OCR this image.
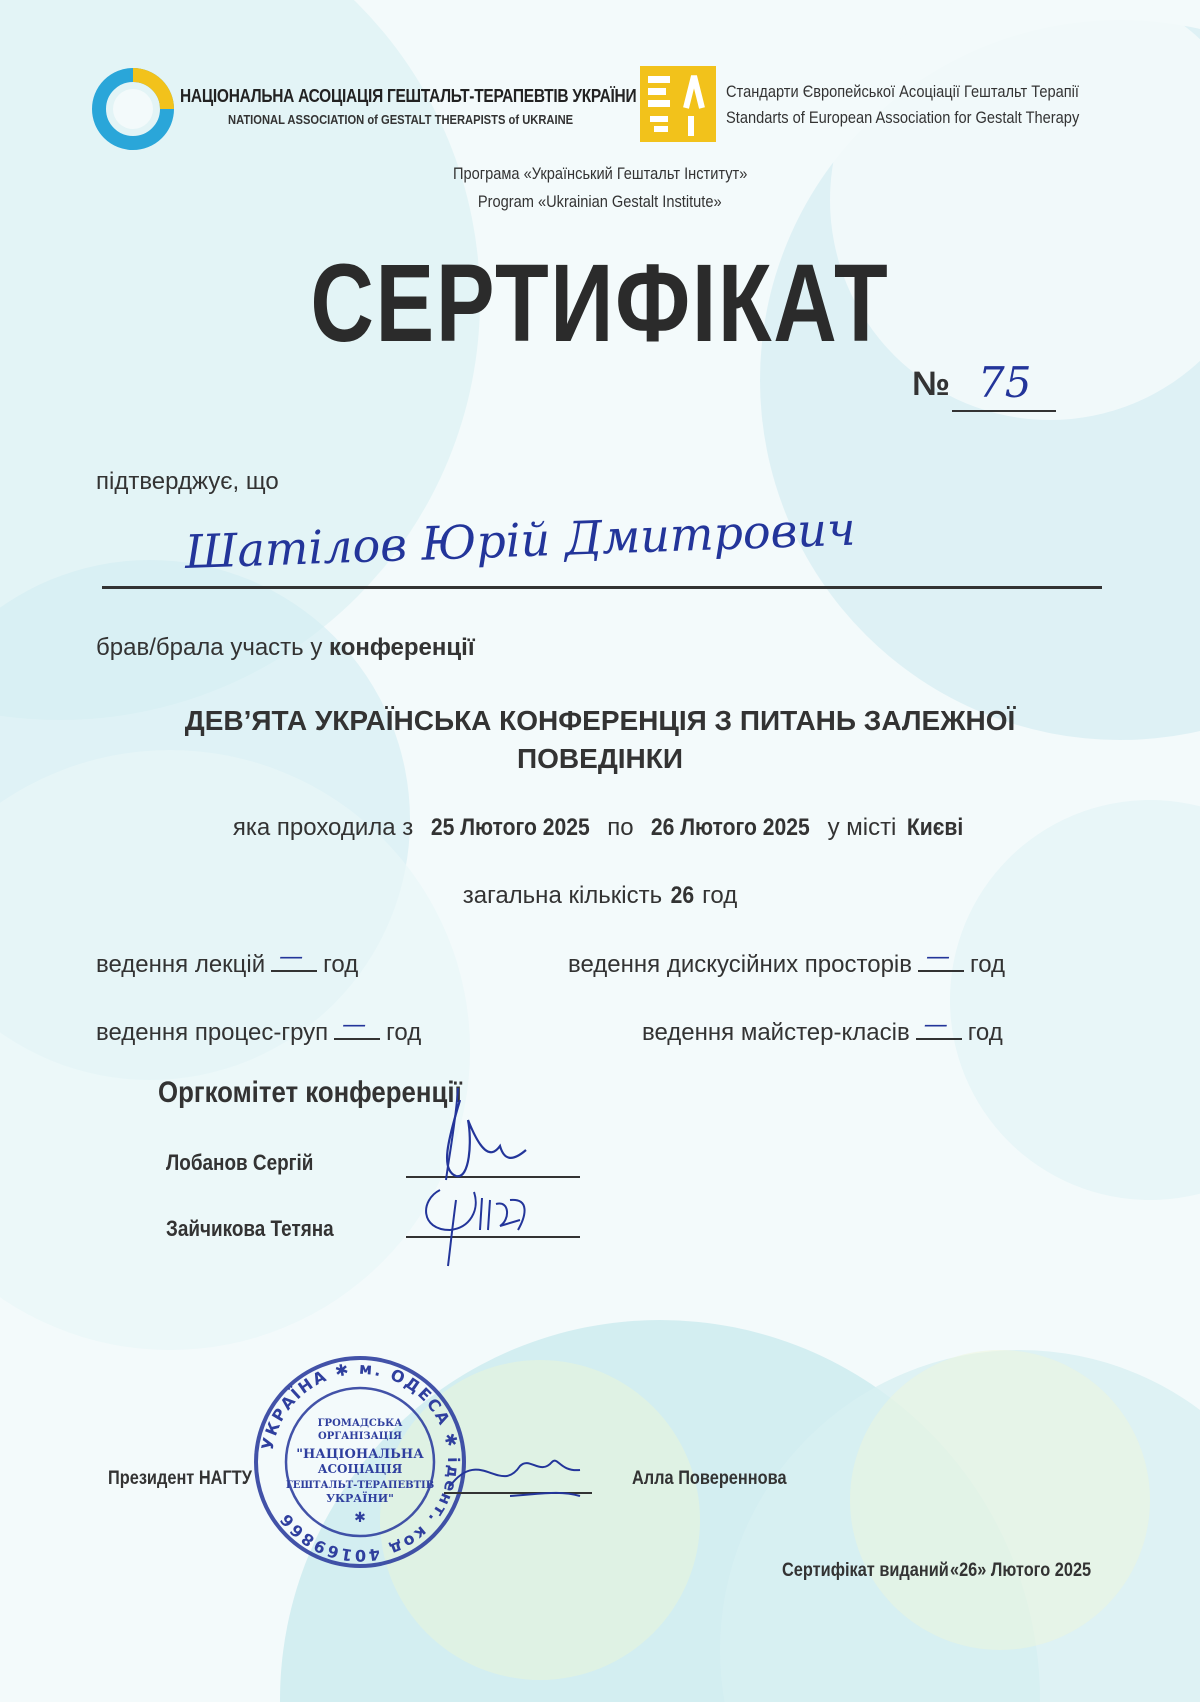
НАЦІОНАЛЬНА АСОЦІАЦІЯ ГЕШТАЛЬТ-ТЕРАПЕВТІВ УКРАЇНИ
NATIONAL ASSOCIATION of GESTALT THERAPISTS of UKRAINE
Стандарти Європейської Асоціації Гештальт Терапії
Standarts of European Association for Gestalt Therapy
Програма «Український Гештальт Інститут»
Program «Ukrainian Gestalt Institute»
СЕРТИФІКАТ
№ 75
підтверджує, що
Шатілов Юрій Дмитрович
брав/брала участь у конференції
ДЕВ’ЯТА УКРАЇНСЬКА КОНФЕРЕНЦІЯ З ПИТАНЬ ЗАЛЕЖНОЇ
ПОВЕДІНКИ
яка проходила з 25 Лютого 2025 по 26 Лютого 2025 у місті Києві
загальна кількість 26 год
ведення лекцій — год	ведення дискусійних просторів — год
ведення процес-груп — год	ведення майстер-класів — год
Оргкомітет конференції
Лобанов Сергій
Зайчикова Тетяна
УКРАЇНА ✱ м. ОДЕСА ✱ ідент. код 40169866
ГРОМАДСЬКА
ОРГАНІЗАЦІЯ
"НАЦІОНАЛЬНА
АСОЦІАЦІЯ
ГЕШТАЛЬТ-ТЕРАПЕВТІВ
УКРАЇНИ"
✱
Президент НАГТУ	Алла Повереннова
Сертифікат виданий «26» Лютого 2025
